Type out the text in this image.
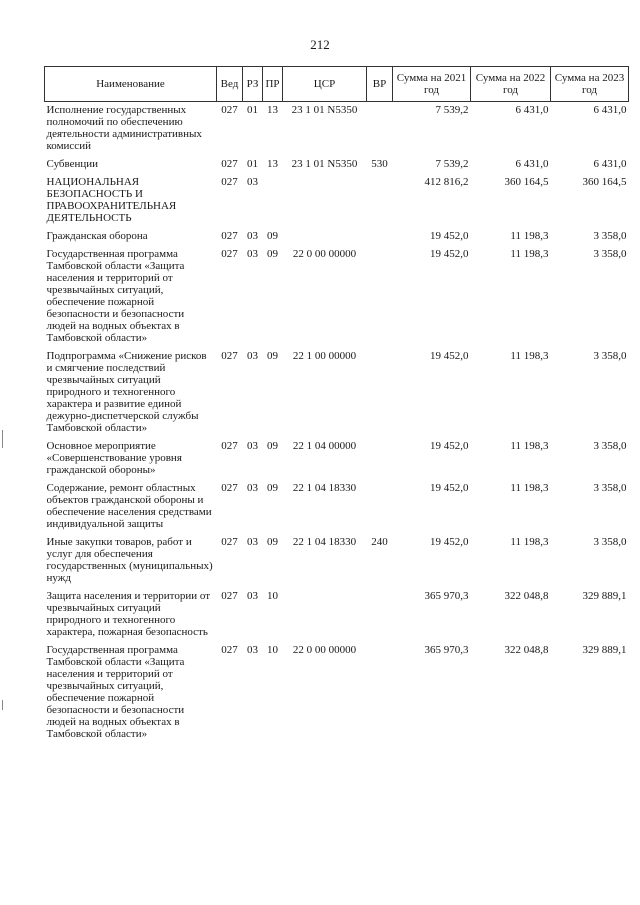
212
Наименование	Вед	РЗ	ПР	ЦСР	ВР	Сумма на 2021 год	Сумма на 2022 год	Сумма на 2023 год
Исполнение государственных полномочий по обеспечению деятельности административных комиссий	027	01	13	23 1 01 N5350		7 539,2	6 431,0	6 431,0
Субвенции	027	01	13	23 1 01 N5350	530	7 539,2	6 431,0	6 431,0
НАЦИОНАЛЬНАЯ БЕЗОПАСНОСТЬ И ПРАВООХРАНИТЕЛЬНАЯ ДЕЯТЕЛЬНОСТЬ	027	03				412 816,2	360 164,5	360 164,5
Гражданская оборона	027	03	09			19 452,0	11 198,3	3 358,0
Государственная программа Тамбовской области «Защита населения и территорий от чрезвычайных ситуаций, обеспечение пожарной безопасности и безопасности людей на водных объектах в Тамбовской области»	027	03	09	22 0 00 00000		19 452,0	11 198,3	3 358,0
Подпрограмма «Снижение рисков и смягчение последствий чрезвычайных ситуаций природного и техногенного характера и развитие единой дежурно-диспетчерской службы Тамбовской области»	027	03	09	22 1 00 00000		19 452,0	11 198,3	3 358,0
Основное мероприятие «Совершенствование уровня гражданской обороны»	027	03	09	22 1 04 00000		19 452,0	11 198,3	3 358,0
Содержание, ремонт областных объектов гражданской обороны и обеспечение населения средствами индивидуальной защиты	027	03	09	22 1 04 18330		19 452,0	11 198,3	3 358,0
Иные закупки товаров, работ и услуг для обеспечения государственных (муниципальных) нужд	027	03	09	22 1 04 18330	240	19 452,0	11 198,3	3 358,0
Защита населения и территории от чрезвычайных ситуаций природного и техногенного характера, пожарная безопасность	027	03	10			365 970,3	322 048,8	329 889,1
Государственная программа Тамбовской области «Защита населения и территорий от чрезвычайных ситуаций, обеспечение пожарной безопасности и безопасности людей на водных объектах в Тамбовской области»	027	03	10	22 0 00 00000		365 970,3	322 048,8	329 889,1
